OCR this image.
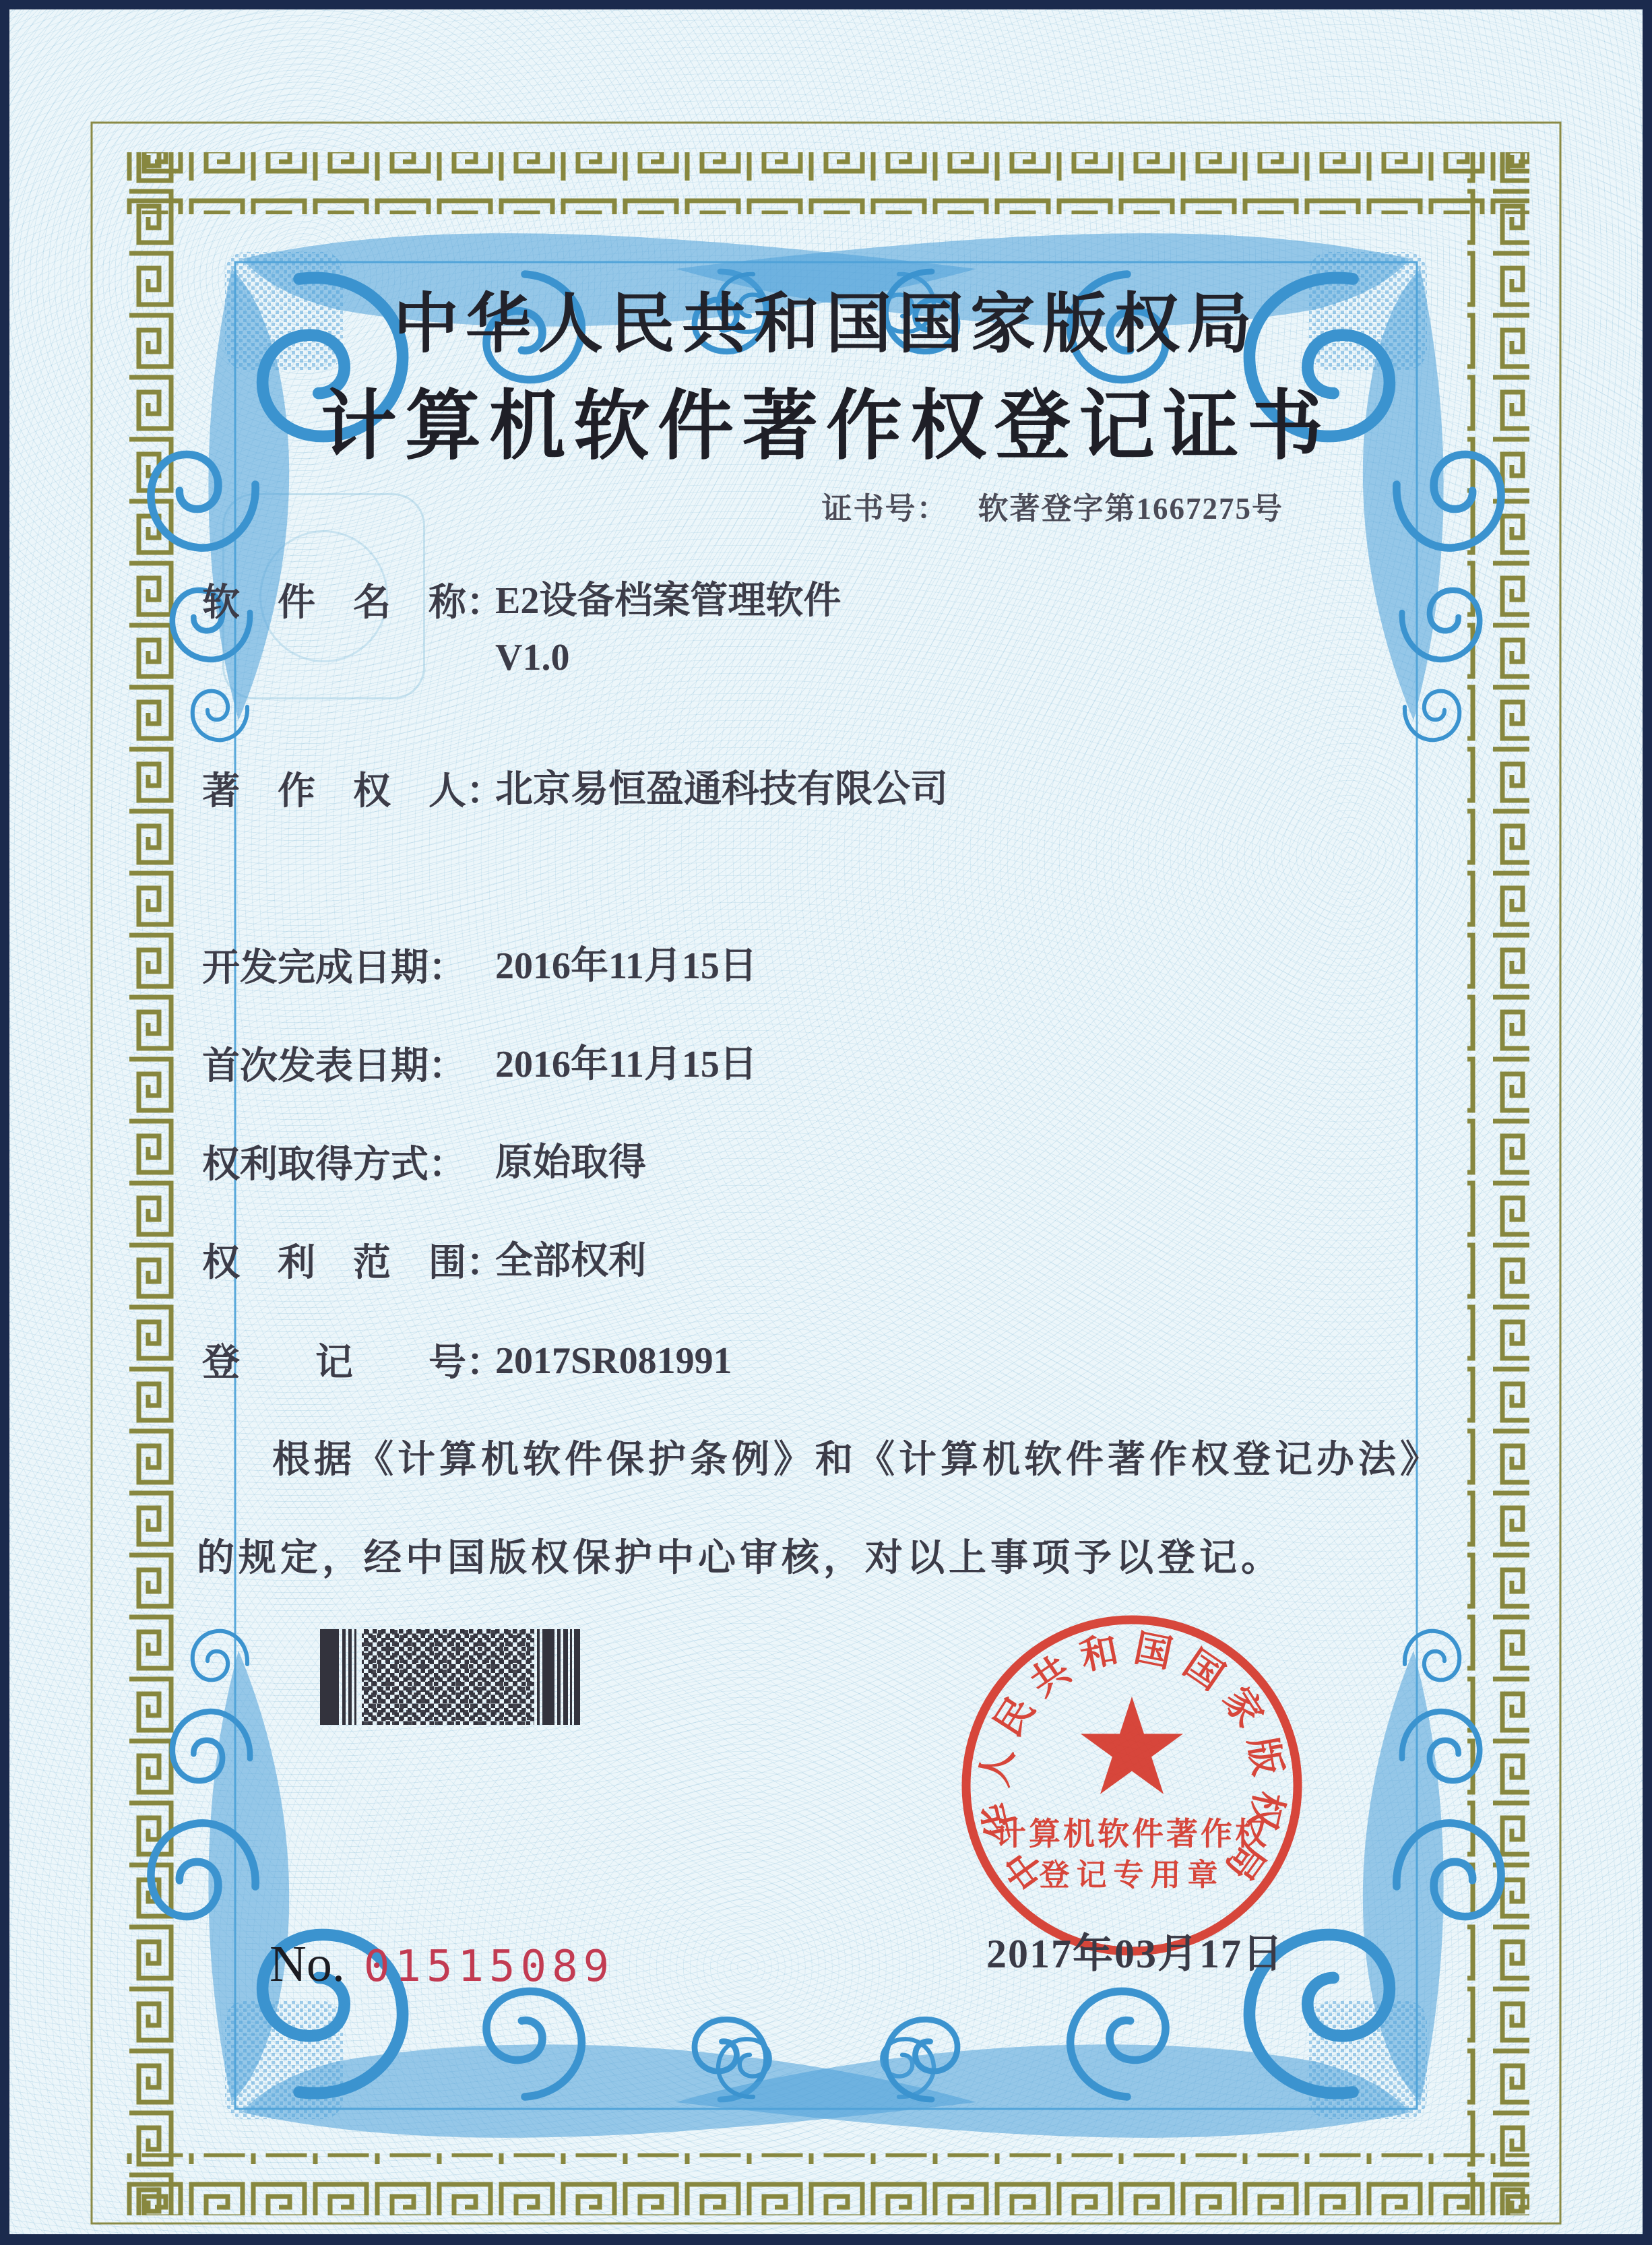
中华人民共和国国家版权局
计算机软件著作权登记证书
证书号： 软著登字第1667275号
软　件　名　称：
E2设备档案管理软件
V1.0
著　作　权　人：
北京易恒盈通科技有限公司
开发完成日期： 2016年11月15日
首次发表日期： 2016年11月15日
权利取得方式： 原始取得
权　利　范　围：
全部权利
登　　记　　号：
2017SR081991
根据《计算机软件保护条例》和《计算机软件著作权登记办法》的规定，经中国版权保护中心审核，对以上事项予以登记。
中华人民共和国国家版权局
计算机软件著作权
登记专用章
2017年03月17日
No. 01515089
